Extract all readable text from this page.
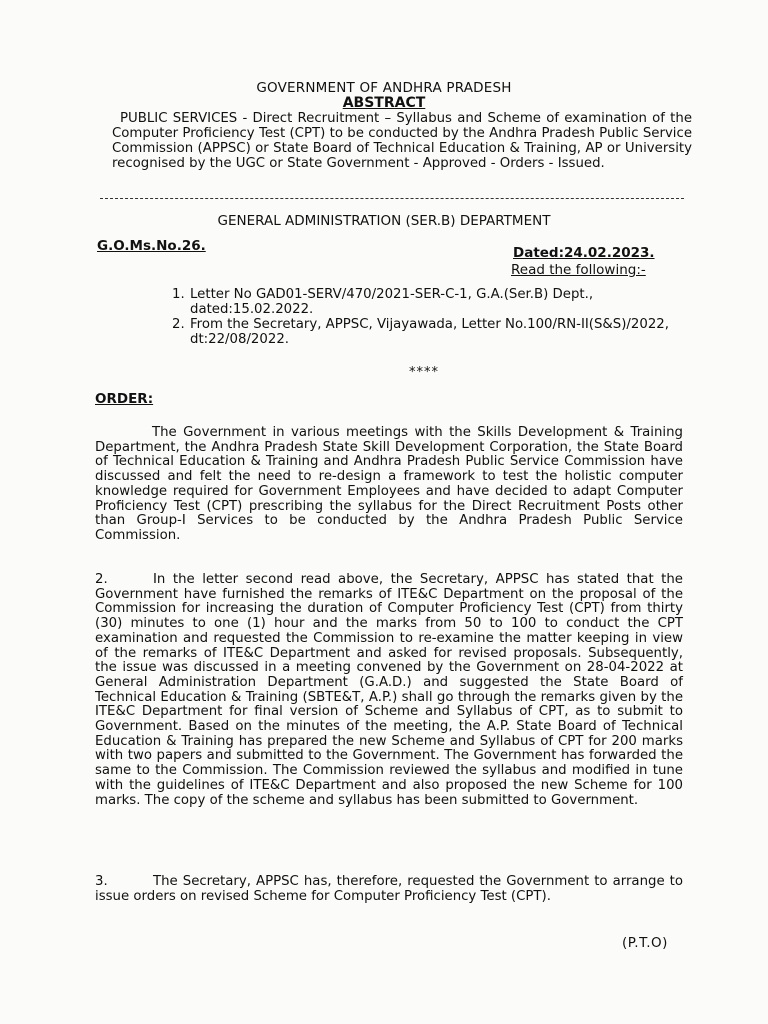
GOVERNMENT OF ANDHRA PRADESH
ABSTRACT
PUBLIC SERVICES - Direct Recruitment – Syllabus and Scheme of examination of the Computer Proficiency Test (CPT) to be conducted by the Andhra Pradesh Public Service Commission (APPSC) or State Board of Technical Education & Training, AP or University recognised by the UGC or State Government - Approved - Orders - Issued.
GENERAL ADMINISTRATION (SER.B) DEPARTMENT
G.O.Ms.No.26.	Dated:24.02.2023.
Read the following:-
1. Letter No GAD01-SERV/470/2021-SER-C-1, G.A.(Ser.B) Dept., dated:15.02.2022.
2. From the Secretary, APPSC, Vijayawada, Letter No.100/RN-II(S&S)/2022, dt:22/08/2022.
****
ORDER:

The Government in various meetings with the Skills Development & Training Department, the Andhra Pradesh State Skill Development Corporation, the State Board of Technical Education & Training and Andhra Pradesh Public Service Commission have discussed and felt the need to re-design a framework to test the holistic computer knowledge required for Government Employees and have decided to adapt Computer Proficiency Test (CPT) prescribing the syllabus for the Direct Recruitment Posts other than Group-I Services to be conducted by the Andhra Pradesh Public Service Commission.

2.	In the letter second read above, the Secretary, APPSC has stated that the Government have furnished the remarks of ITE&C Department on the proposal of the Commission for increasing the duration of Computer Proficiency Test (CPT) from thirty (30) minutes to one (1) hour and the marks from 50 to 100 to conduct the CPT examination and requested the Commission to re-examine the matter keeping in view of the remarks of ITE&C Department and asked for revised proposals. Subsequently, the issue was discussed in a meeting convened by the Government on 28-04-2022 at General Administration Department (G.A.D.) and suggested the State Board of Technical Education & Training (SBTE&T, A.P.) shall go through the remarks given by the ITE&C Department for final version of Scheme and Syllabus of CPT, as to submit to Government. Based on the minutes of the meeting, the A.P. State Board of Technical Education & Training has prepared the new Scheme and Syllabus of CPT for 200 marks with two papers and submitted to the Government. The Government has forwarded the same to the Commission. The Commission reviewed the syllabus and modified in tune with the guidelines of ITE&C Department and also proposed the new Scheme for 100 marks. The copy of the scheme and syllabus has been submitted to Government.

3.	The Secretary, APPSC has, therefore, requested the Government to arrange to issue orders on revised Scheme for Computer Proficiency Test (CPT).

(P.T.O)
